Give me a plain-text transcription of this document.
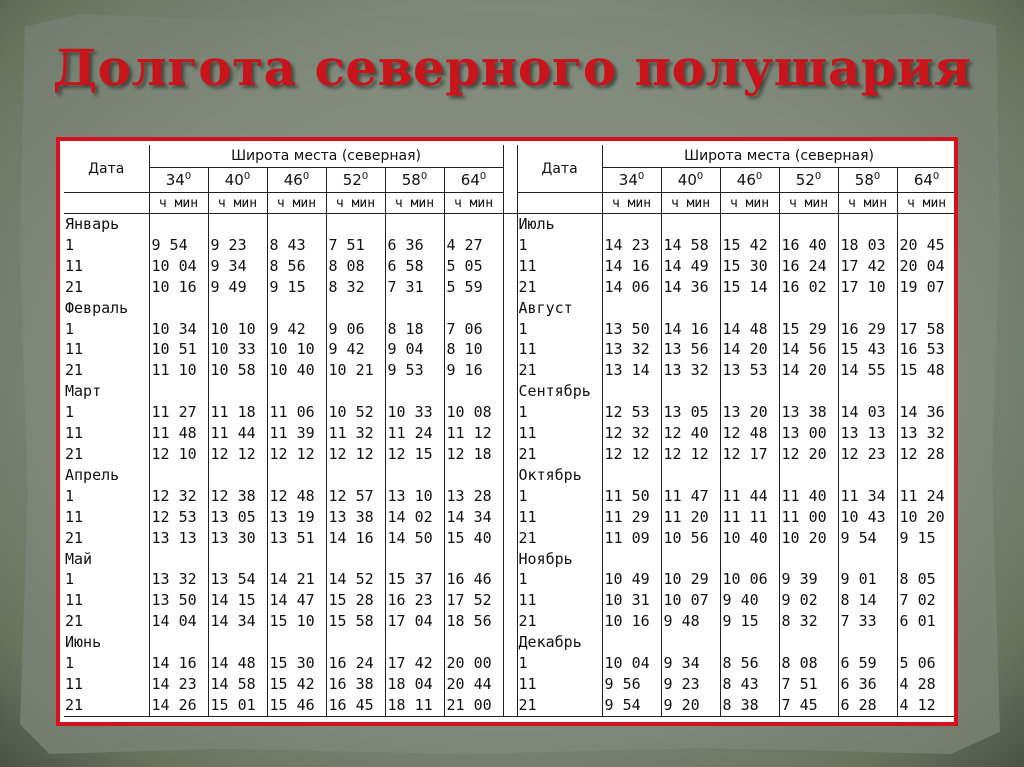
Долгота северного полушария
Дата	Широта места (северная)							Дата	Широта места (северная)					
	$34^0$	$40^0$	$46^0$	$52^0$	$58^0$	$64^0$			$34^0$	$40^0$	$46^0$	$52^0$	$58^0$	$64^0$
	ч мин	ч мин	ч мин	ч мин	ч мин	ч мин			ч мин	ч мин	ч мин	ч мин	ч мин	ч мин
Январь								Июль						
1	9 54	9 23	8 43	7 51	6 36	4 27		1	14 23	14 58	15 42	16 40	18 03	20 45
11	10 04	9 34	8 56	8 08	6 58	5 05		11	14 16	14 49	15 30	16 24	17 42	20 04
21	10 16	9 49	9 15	8 32	7 31	5 59		21	14 06	14 36	15 14	16 02	17 10	19 07
Февраль								Август						
1	10 34	10 10	9 42	9 06	8 18	7 06		1	13 50	14 16	14 48	15 29	16 29	17 58
11	10 51	10 33	10 10	9 42	9 04	8 10		11	13 32	13 56	14 20	14 56	15 43	16 53
21	11 10	10 58	10 40	10 21	9 53	9 16		21	13 14	13 32	13 53	14 20	14 55	15 48
Март								Сентябрь						
1	11 27	11 18	11 06	10 52	10 33	10 08		1	12 53	13 05	13 20	13 38	14 03	14 36
11	11 48	11 44	11 39	11 32	11 24	11 12		11	12 32	12 40	12 48	13 00	13 13	13 32
21	12 10	12 12	12 12	12 12	12 15	12 18		21	12 12	12 12	12 17	12 20	12 23	12 28
Апрель								Октябрь						
1	12 32	12 38	12 48	12 57	13 10	13 28		1	11 50	11 47	11 44	11 40	11 34	11 24
11	12 53	13 05	13 19	13 38	14 02	14 34		11	11 29	11 20	11 11	11 00	10 43	10 20
21	13 13	13 30	13 51	14 16	14 50	15 40		21	11 09	10 56	10 40	10 20	9 54	9 15
Май								Ноябрь						
1	13 32	13 54	14 21	14 52	15 37	16 46		1	10 49	10 29	10 06	9 39	9 01	8 05
11	13 50	14 15	14 47	15 28	16 23	17 52		11	10 31	10 07	9 40	9 02	8 14	7 02
21	14 04	14 34	15 10	15 58	17 04	18 56		21	10 16	9 48	9 15	8 32	7 33	6 01
Июнь								Декабрь						
1	14 16	14 48	15 30	16 24	17 42	20 00		1	10 04	9 34	8 56	8 08	6 59	5 06
11	14 23	14 58	15 42	16 38	18 04	20 44		11	9 56	9 23	8 43	7 51	6 36	4 28
21	14 26	15 01	15 46	16 45	18 11	21 00		21	9 54	9 20	8 38	7 45	6 28	4 12
